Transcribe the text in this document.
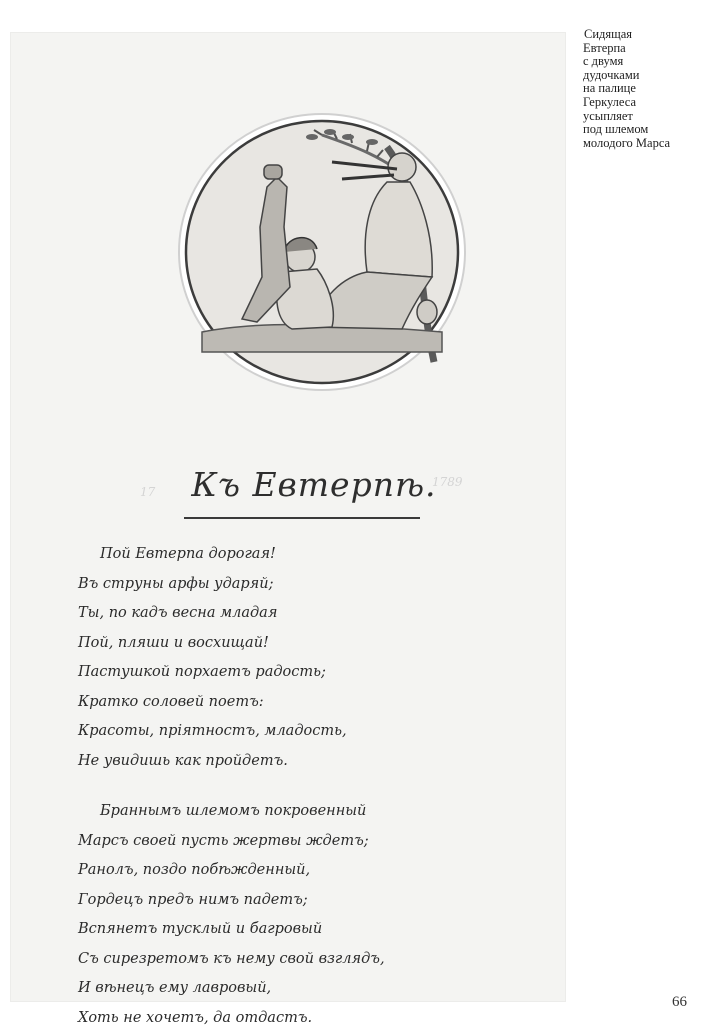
17
1789
Къ Евтерпѣ.
Пой Евтерпа дорогая!
Въ струны арфы ударяй;
Ты, по кадъ весна младая
Пой, пляши и восхищай!
Пастушкой порхаетъ радость;
Кратко соловей поетъ:
Красоты, пріятностъ, младость,
Не увидишь как пройдетъ.
Браннымъ шлемомъ покровенный
Марсъ своей пусть жертвы ждетъ;
Ранолъ, поздо побѣжденный,
Гордецъ предъ нимъ падетъ;
Вспянетъ тусклый и багровый
Съ сирезретомъ къ нему свой взглядъ,
И вѣнецъ ему лавровый,
Хоть не хочетъ, да отдастъ.
Сидящая
Евтерпа
с двумя
дудочками
на палице
Геркулеса
усыпляет
под шлемом
молодого Марса
66
